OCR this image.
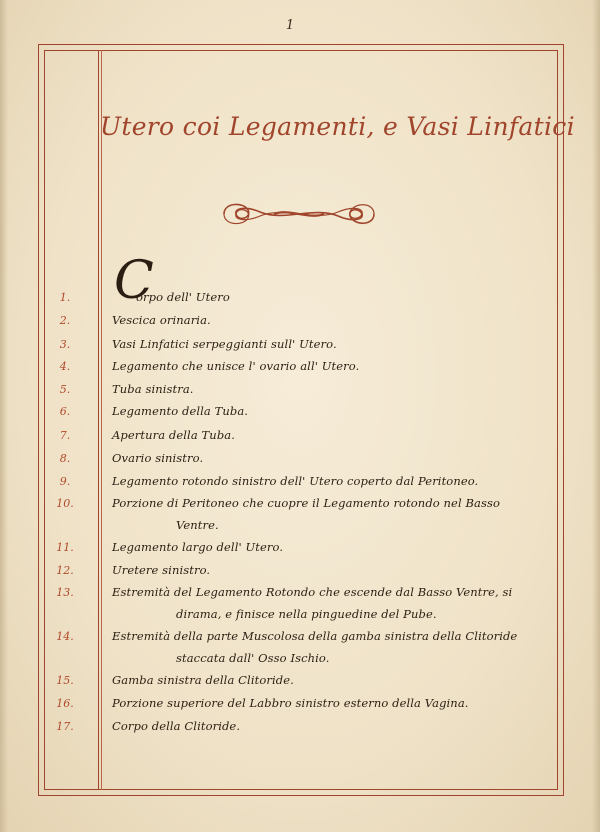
1
Utero coi Legamenti, e Vasi Linfatici
C
1.	orpo dell' Utero
2.	Vescica orinaria.
3.	Vasi Linfatici serpeggianti sull' Utero.
4.	Legamento che unisce l' ovario all' Utero.
5.	Tuba sinistra.
6.	Legamento della Tuba.
7.	Apertura della Tuba.
8.	Ovario sinistro.
9.	Legamento rotondo sinistro dell' Utero coperto dal Peritoneo.
10.	Porzione di Peritoneo che cuopre il Legamento rotondo nel Basso
Ventre.
11.	Legamento largo dell' Utero.
12.	Uretere sinistro.
13.	Estremità del Legamento Rotondo che escende dal Basso Ventre, si
dirama, e finisce nella pinguedine del Pube.
14.	Estremità della parte Muscolosa della gamba sinistra della Clitoride
staccata dall' Osso Ischio.
15.	Gamba sinistra della Clitoride.
16.	Porzione superiore del Labbro sinistro esterno della Vagina.
17.	Corpo della Clitoride.
